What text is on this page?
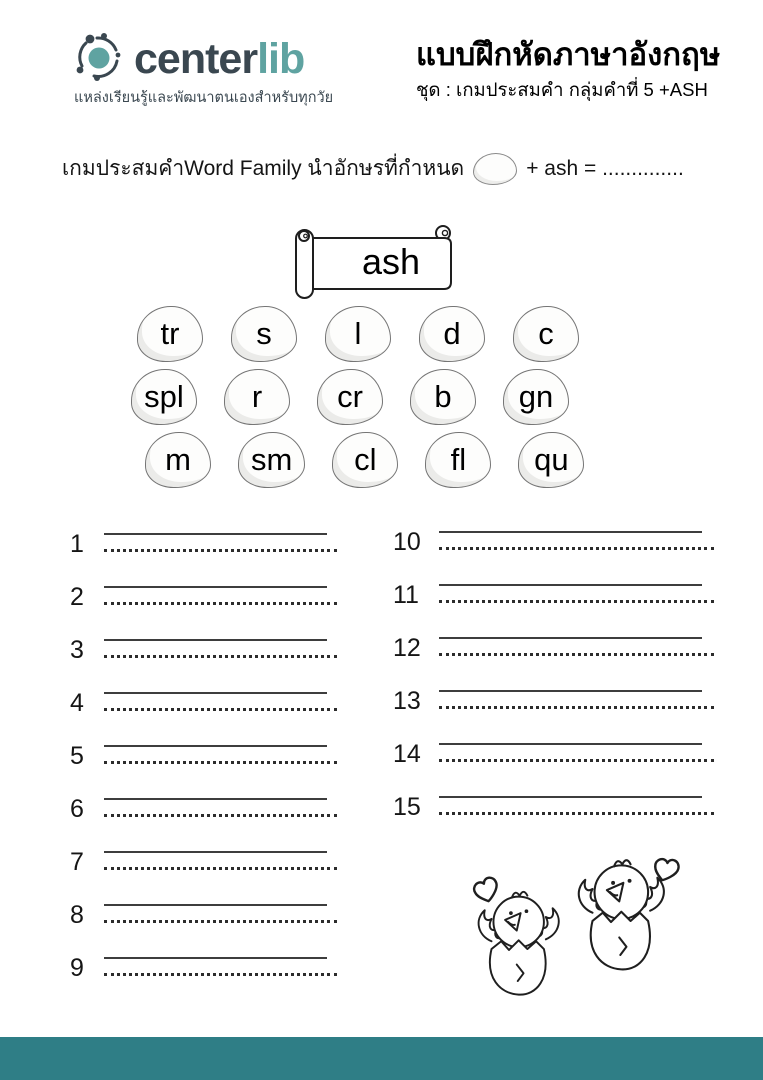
centerlib
แหล่งเรียนรู้และพัฒนาตนเองสำหรับทุกวัย
แบบฝึกหัดภาษาอังกฤษ
ชุด : เกมประสมคำ กลุ่มคำที่ 5 +ASH
เกมประสมคำWord Family นำอักษรที่กำหนด	+ ash = ..............
ash
tr	s	l	d	c
spl	r	cr	b	gn
m	sm	cl	fl	qu
1
2
3
4
5
6
7
8
9
10
11
12
13
14
15
